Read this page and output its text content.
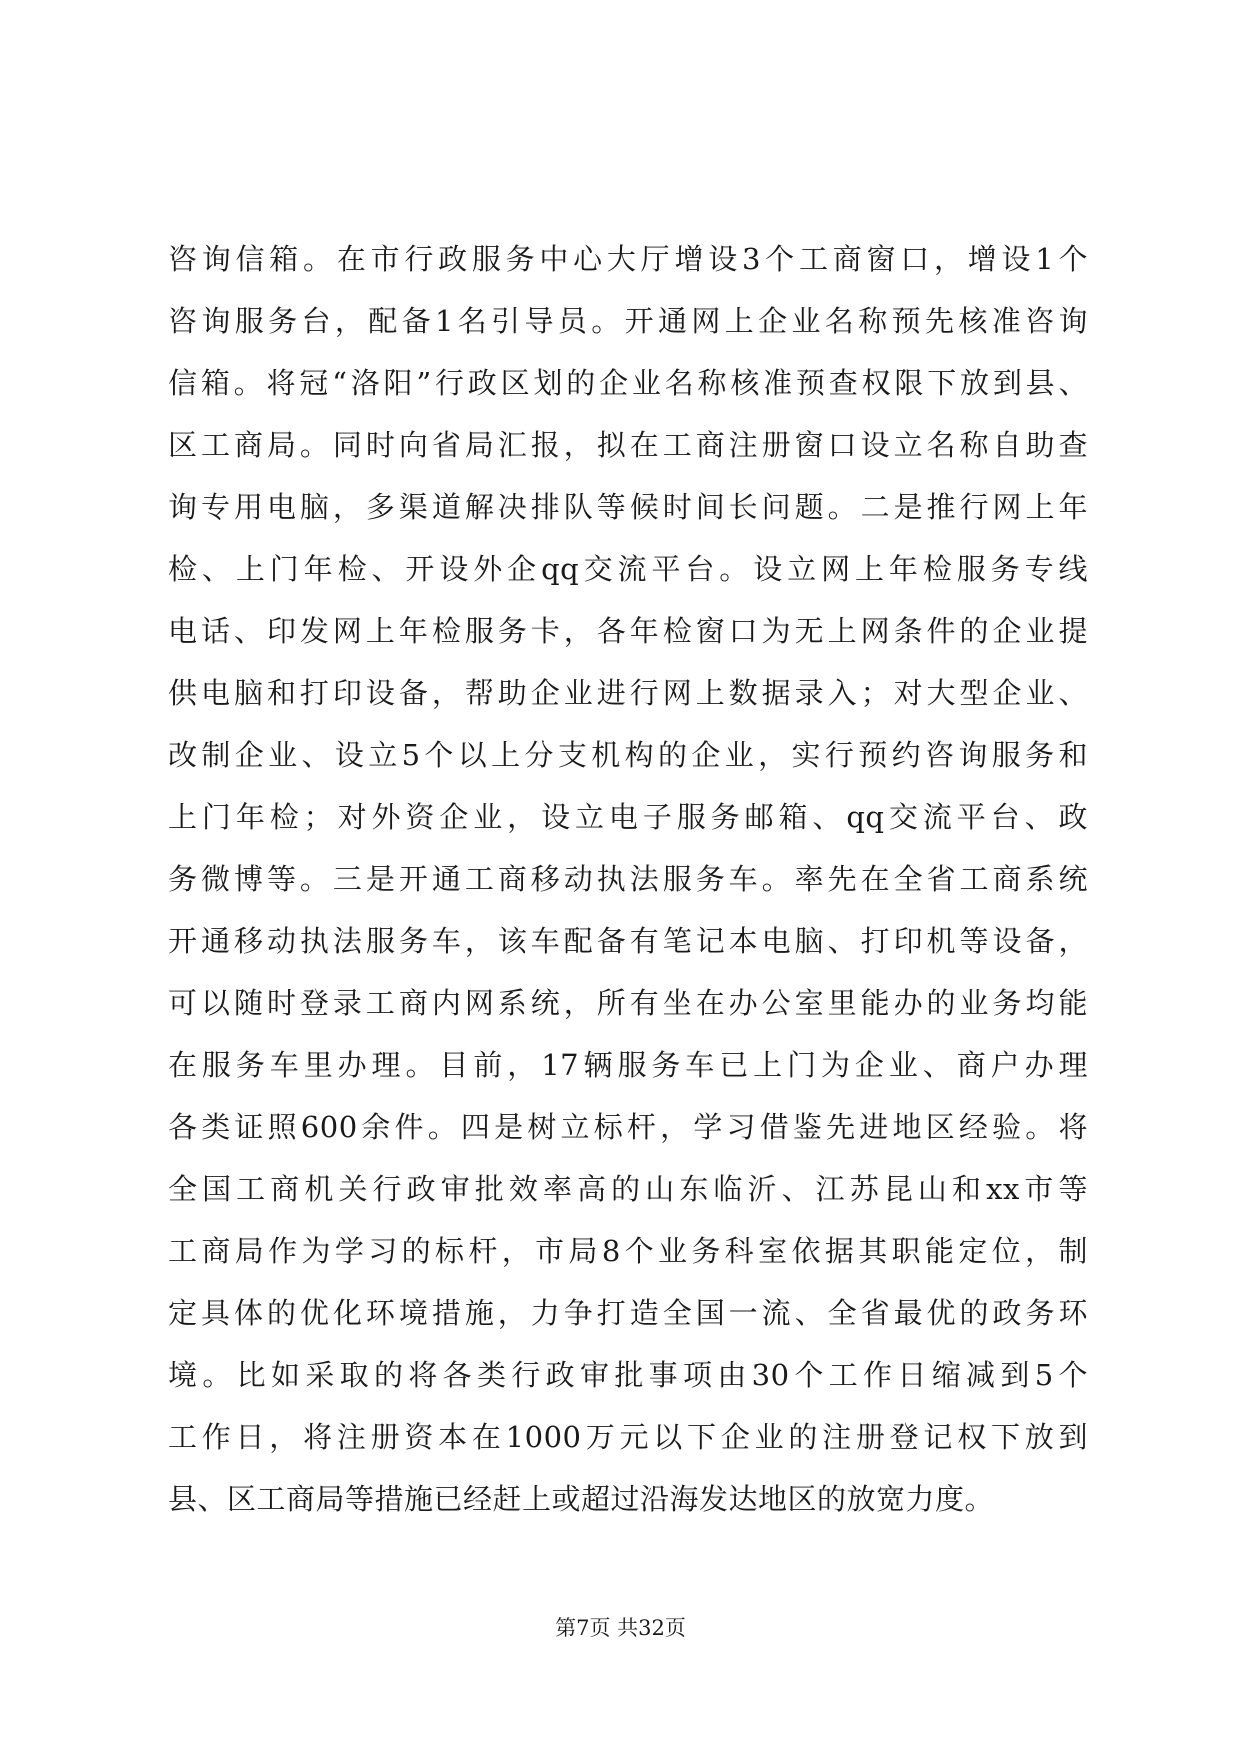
咨询信箱。在市行政服务中心大厅增设3个工商窗口，增设1个
咨询服务台，配备1名引导员。开通网上企业名称预先核准咨询
信箱。将冠“洛阳”行政区划的企业名称核准预查权限下放到县、
区工商局。同时向省局汇报，拟在工商注册窗口设立名称自助查
询专用电脑，多渠道解决排队等候时间长问题。二是推行网上年
检、上门年检、开设外企qq交流平台。设立网上年检服务专线
电话、印发网上年检服务卡，各年检窗口为无上网条件的企业提
供电脑和打印设备，帮助企业进行网上数据录入；对大型企业、
改制企业、设立5个以上分支机构的企业，实行预约咨询服务和
上门年检；对外资企业，设立电子服务邮箱、qq交流平台、政
务微博等。三是开通工商移动执法服务车。率先在全省工商系统
开通移动执法服务车，该车配备有笔记本电脑、打印机等设备，
可以随时登录工商内网系统，所有坐在办公室里能办的业务均能
在服务车里办理。目前，17辆服务车已上门为企业、商户办理
各类证照600余件。四是树立标杆，学习借鉴先进地区经验。将
全国工商机关行政审批效率高的山东临沂、江苏昆山和xx市等
工商局作为学习的标杆，市局8个业务科室依据其职能定位，制
定具体的优化环境措施，力争打造全国一流、全省最优的政务环
境。比如采取的将各类行政审批事项由30个工作日缩减到5个
工作日，将注册资本在1000万元以下企业的注册登记权下放到
县、区工商局等措施已经赶上或超过沿海发达地区的放宽力度。
第7页 共32页
